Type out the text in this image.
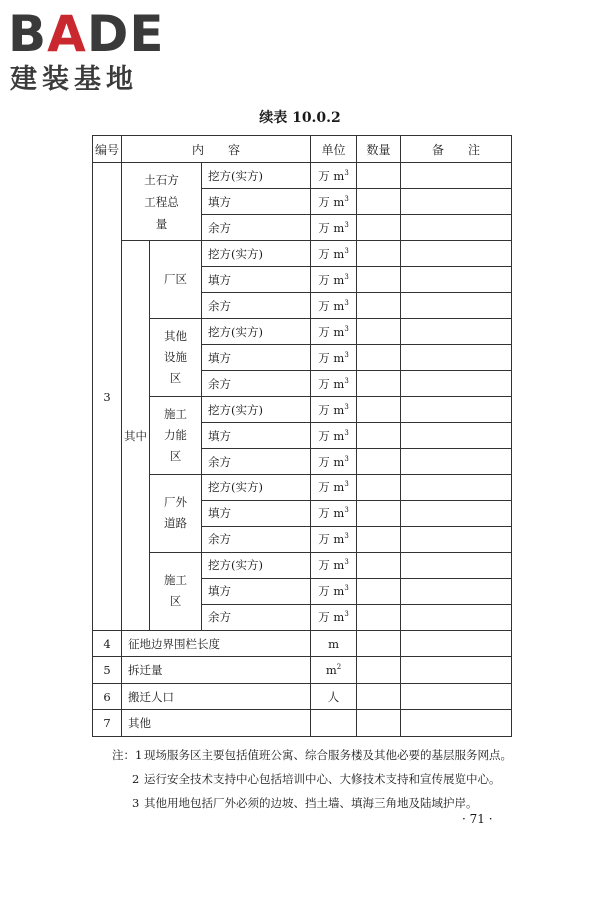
BADE
建装基地
续表 10.0.2
编号	内　　容			单位	数量	备　　注
3	土石方工程总量		挖方(实方)	万 $m^3$		
			填方	万 $m^3$		
			余方	万 $m^3$		
	其中	厂区	挖方(实方)	万 $m^3$		
			填方	万 $m^3$		
			余方	万 $m^3$		
		其他设施区	挖方(实方)	万 $m^3$		
			填方	万 $m^3$		
			余方	万 $m^3$		
		施工力能区	挖方(实方)	万 $m^3$		
			填方	万 $m^3$		
			余方	万 $m^3$		
		厂外道路	挖方(实方)	万 $m^3$		
			填方	万 $m^3$		
			余方	万 $m^3$		
		施工区	挖方(实方)	万 $m^3$		
			填方	万 $m^3$		
			余方	万 $m^3$		
4	征地边界围栏长度			m		
5	拆迁量			$m^2$		
6	搬迁人口			人		
7	其他					
注：1 现场服务区主要包括值班公寓、综合服务楼及其他必要的基层服务网点。
2 运行安全技术支持中心包括培训中心、大修技术支持和宣传展览中心。
3 其他用地包括厂外必须的边坡、挡土墙、填海三角地及陆域护岸。
· 71 ·
